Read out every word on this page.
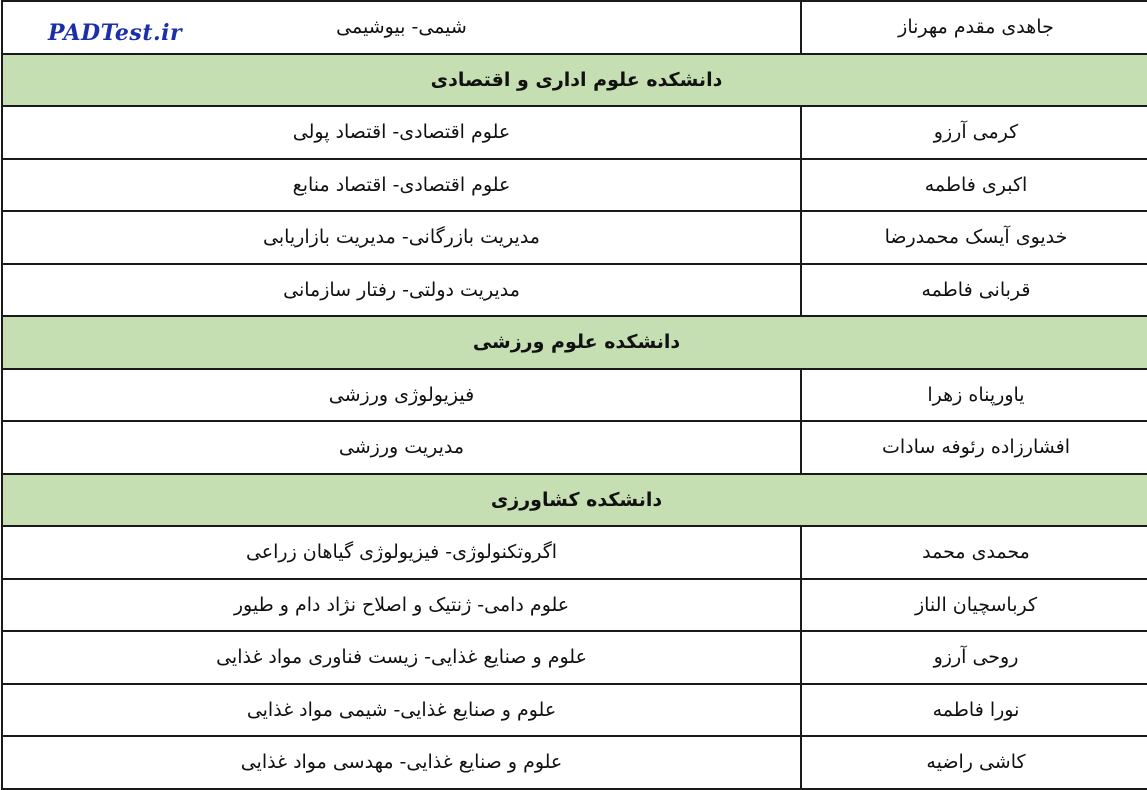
جاهدی مقدم مهرناز	شیمی- بیوشیمی
دانشکده علوم اداری و اقتصادی	
کرمی آرزو	علوم اقتصادی- اقتصاد پولی
اکبری فاطمه	علوم اقتصادی- اقتصاد منابع
خدیوی آیسک محمدرضا	مدیریت بازرگانی- مدیریت بازاریابی
قربانی فاطمه	مدیریت دولتی- رفتار سازمانی
دانشکده علوم ورزشی	
یاورپناه زهرا	فیزیولوژی ورزشی
افشارزاده رئوفه سادات	مدیریت ورزشی
دانشکده کشاورزی	
محمدی محمد	اگروتکنولوژی- فیزیولوژی گیاهان زراعی
کرباسچیان الناز	علوم دامی- ژنتیک و اصلاح نژاد دام و طیور
روحی آرزو	علوم و صنایع غذایی- زیست فناوری مواد غذایی
نورا فاطمه	علوم و صنایع غذایی- شیمی مواد غذایی
کاشی راضیه	علوم و صنایع غذایی- مهدسی مواد غذایی
PADTest.ir
